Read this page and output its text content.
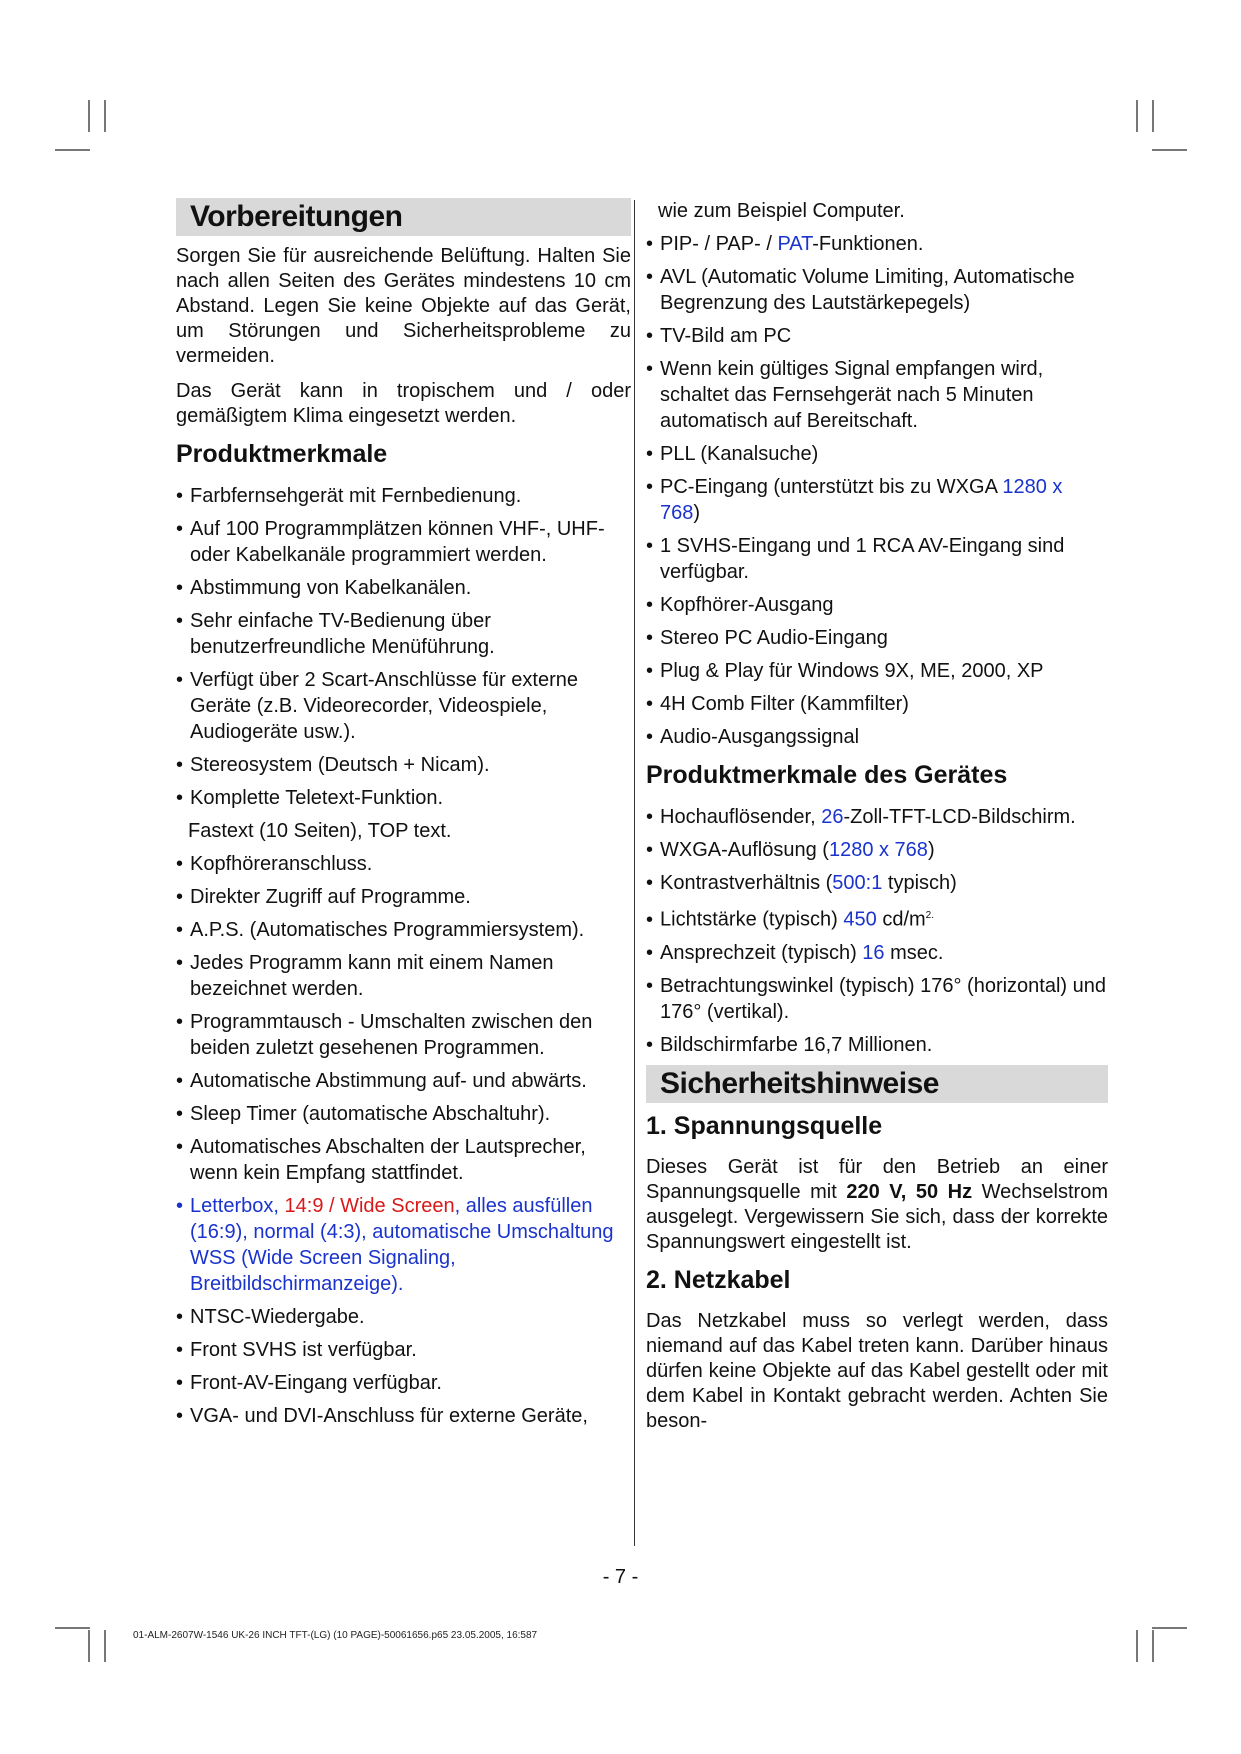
Vorbereitungen

Sorgen Sie für ausreichende Belüftung. Halten Sie nach allen Seiten des Gerätes mindestens 10 cm Abstand. Legen Sie keine Objekte auf das Gerät, um Störungen und Sicherheitsprobleme zu vermeiden.

Das Gerät kann in tropischem und / oder gemäßigtem Klima eingesetzt werden.

Produktmerkmale
• Farbfernsehgerät mit Fernbedienung.
• Auf 100 Programmplätzen können VHF-, UHF- oder Kabelkanäle programmiert werden.
• Abstimmung von Kabelkanälen.
• Sehr einfache TV-Bedienung über benutzerfreundliche Menüführung.
• Verfügt über 2 Scart-Anschlüsse für externe Geräte (z.B. Videorecorder, Videospiele, Audiogeräte usw.).
• Stereosystem (Deutsch + Nicam).
• Komplette Teletext-Funktion.
Fastext (10 Seiten), TOP text.
• Kopfhöreranschluss.
• Direkter Zugriff auf Programme.
• A.P.S. (Automatisches Programmiersystem).
• Jedes Programm kann mit einem Namen bezeichnet werden.
• Programmtausch - Umschalten zwischen den beiden zuletzt gesehenen Programmen.
• Automatische Abstimmung auf- und abwärts.
• Sleep Timer (automatische Abschaltuhr).
• Automatisches Abschalten der Lautsprecher, wenn kein Empfang stattfindet.
• Letterbox, 14:9 / Wide Screen, alles ausfüllen (16:9), normal (4:3), automatische Umschaltung WSS (Wide Screen Signaling, Breitbildschirmanzeige).
• NTSC-Wiedergabe.
• Front SVHS ist verfügbar.
• Front-AV-Eingang verfügbar.
• VGA- und DVI-Anschluss für externe Geräte,
wie zum Beispiel Computer.
• PIP- / PAP- / PAT-Funktionen.
• AVL (Automatic Volume Limiting, Automatische Begrenzung des Lautstärkepegels)
• TV-Bild am PC
• Wenn kein gültiges Signal empfangen wird, schaltet das Fernsehgerät nach 5 Minuten automatisch auf Bereitschaft.
• PLL (Kanalsuche)
• PC-Eingang (unterstützt bis zu WXGA 1280 x 768)
• 1 SVHS-Eingang und 1 RCA AV-Eingang sind verfügbar.
• Kopfhörer-Ausgang
• Stereo PC Audio-Eingang
• Plug & Play für Windows 9X, ME, 2000, XP
• 4H Comb Filter (Kammfilter)
• Audio-Ausgangssignal
Produktmerkmale des Gerätes
• Hochauflösender, 26-Zoll-TFT-LCD-Bildschirm.
• WXGA-Auflösung (1280 x 768)
• Kontrastverhältnis (500:1 typisch)
• Lichtstärke (typisch) 450 $cd/m^{2.}$
• Ansprechzeit (typisch) 16 msec.
• Betrachtungswinkel (typisch) 176° (horizontal) und 176° (vertikal).
• Bildschirmfarbe 16,7 Millionen.
Sicherheitshinweise
1. Spannungsquelle

Dieses Gerät ist für den Betrieb an einer Spannungsquelle mit 220 V, 50 Hz Wechselstrom ausgelegt. Vergewissern Sie sich, dass der korrekte Spannungswert eingestellt ist.

2. Netzkabel

Das Netzkabel muss so verlegt werden, dass niemand auf das Kabel treten kann. Darüber hinaus dürfen keine Objekte auf das Kabel gestellt oder mit dem Kabel in Kontakt gebracht werden. Achten Sie beson-

- 7 -
01-ALM-2607W-1546 UK-26 INCH TFT-(LG) (10 PAGE)-50061656.p65 23.05.2005, 16:587
